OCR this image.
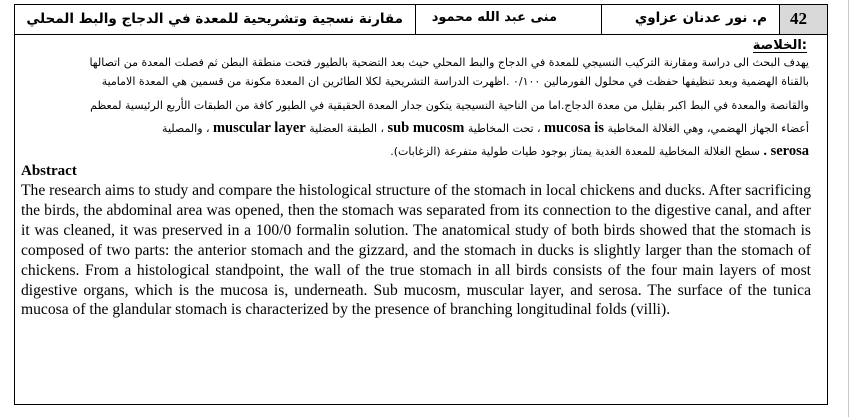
مقارنة نسجية وتشريحية للمعدة في الدجاج والبط المحلي منى عبد الله محمود	م. نور عدنان عزاوي 42
الخلاصة:
يهدف البحث الى دراسة ومقارنة التركيب النسيجي للمعدة في الدجاج والبط المحلي حيث بعد التضحية بالطيور فتحت منطقة البطن ثم فصلت المعدة من اتصالها
بالقناة الهضمية وبعد تنظيفها حفظت في محلول الفورمالين ٠/١٠٠ .اظهرت الدراسة التشريحية لكلا الطائرين ان المعدة مكونة من قسمين هي المعدة الامامية
والقانصة والمعدة في البط اكبر بقليل من معدة الدجاج.اما من الناحية النسيجية يتكون جدار المعدة الحقيقية في الطيور كافة من الطبقات الأربع الرئيسية لمعظم
أعضاء الجهاز الهضمي، وهي الغلالة المخاطية mucosa is ، تحت المخاطية sub mucosm ، الطبقة العضلية muscular layer ، والمصلية
serosa . سطح الغلالة المخاطية للمعدة الغدية يمتاز بوجود طيات طولية متفرعة (الزغابات).
Abstract
The research aims to study and compare the histological structure of the stomach in local chickens and ducks. After sacrificing the birds, the abdominal area was opened, then the stomach was separated from its connection to the digestive canal, and after it was cleaned, it was preserved in a 100/0 formalin solution. The anatomical study of both birds showed that the stomach is composed of two parts: the anterior stomach and the gizzard, and the stomach in ducks is slightly larger than the stomach of chickens. From a histological standpoint, the wall of the true stomach in all birds consists of the four main layers of most digestive organs, which is the mucosa is, underneath. Sub mucosm, muscular layer, and serosa. The surface of the tunica mucosa of the glandular stomach is characterized by the presence of branching longitudinal folds (villi).
